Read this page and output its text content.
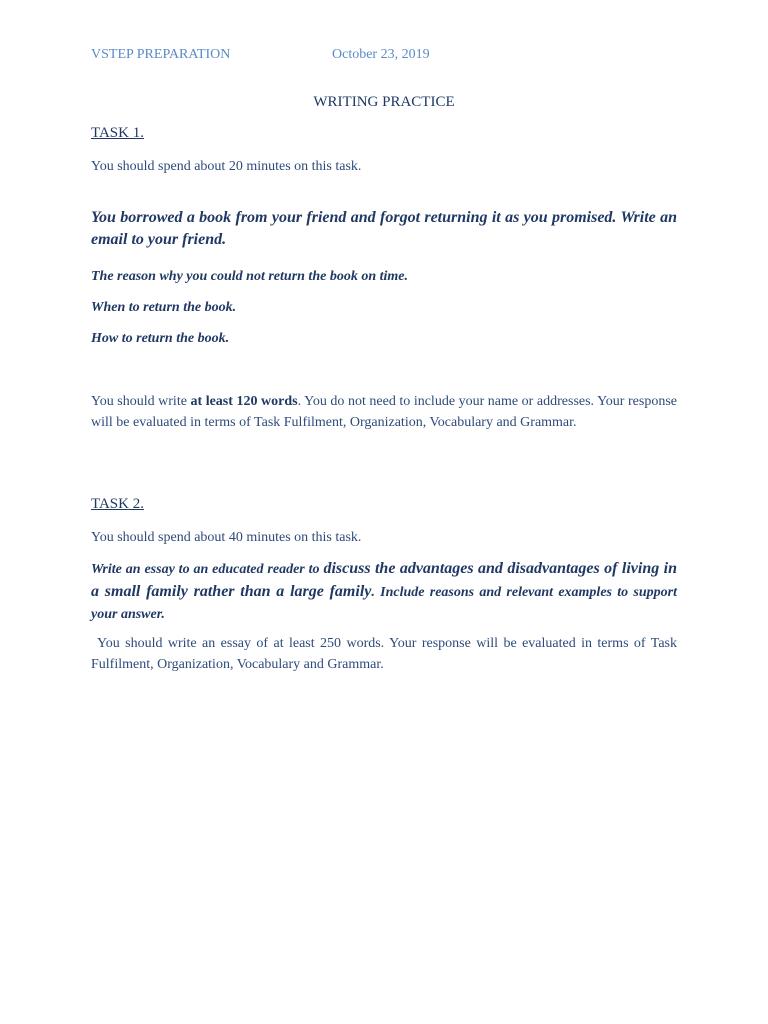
VSTEP PREPARATION	October 23, 2019
WRITING PRACTICE
TASK 1.
You should spend about 20 minutes on this task.
You borrowed a book from your friend and forgot returning it as you promised. Write an email to your friend.
The reason why you could not return the book on time.
When to return the book.
How to return the book.
You should write at least 120 words. You do not need to include your name or addresses. Your response will be evaluated in terms of Task Fulfilment, Organization, Vocabulary and Grammar.
TASK 2.
You should spend about 40 minutes on this task.
Write an essay to an educated reader to discuss the advantages and disadvantages of living in a small family rather than a large family. Include reasons and relevant examples to support your answer.
You should write an essay of at least 250 words. Your response will be evaluated in terms of Task Fulfilment, Organization, Vocabulary and Grammar.
